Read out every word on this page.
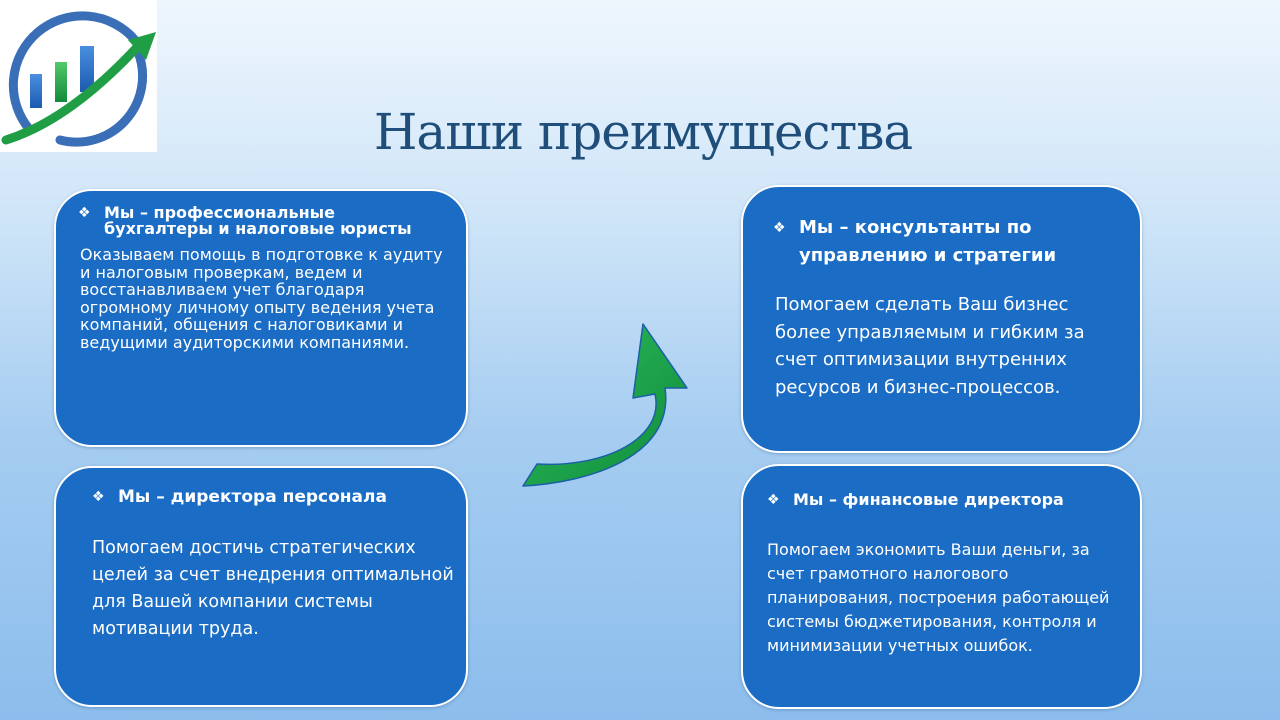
Наши преимущества
❖ Мы – профессиональные бухгалтеры и налоговые юристы
Оказываем помощь в подготовке к аудиту и налоговым проверкам, ведем и восстанавливаем учет благодаря огромному личному опыту ведения учета компаний, общения с налоговиками и ведущими аудиторскими компаниями.
❖ Мы – консультанты по управлению и стратегии
Помогаем сделать Ваш бизнес более управляемым и гибким за счет оптимизации внутренних ресурсов и бизнес-процессов.
❖ Мы – директора персонала
Помогаем достичь стратегических целей за счет внедрения оптимальной для Вашей компании системы мотивации труда.
❖ Мы – финансовые директора
Помогаем экономить Ваши деньги, за счет грамотного налогового планирования, построения работающей системы бюджетирования, контроля и минимизации учетных ошибок.
